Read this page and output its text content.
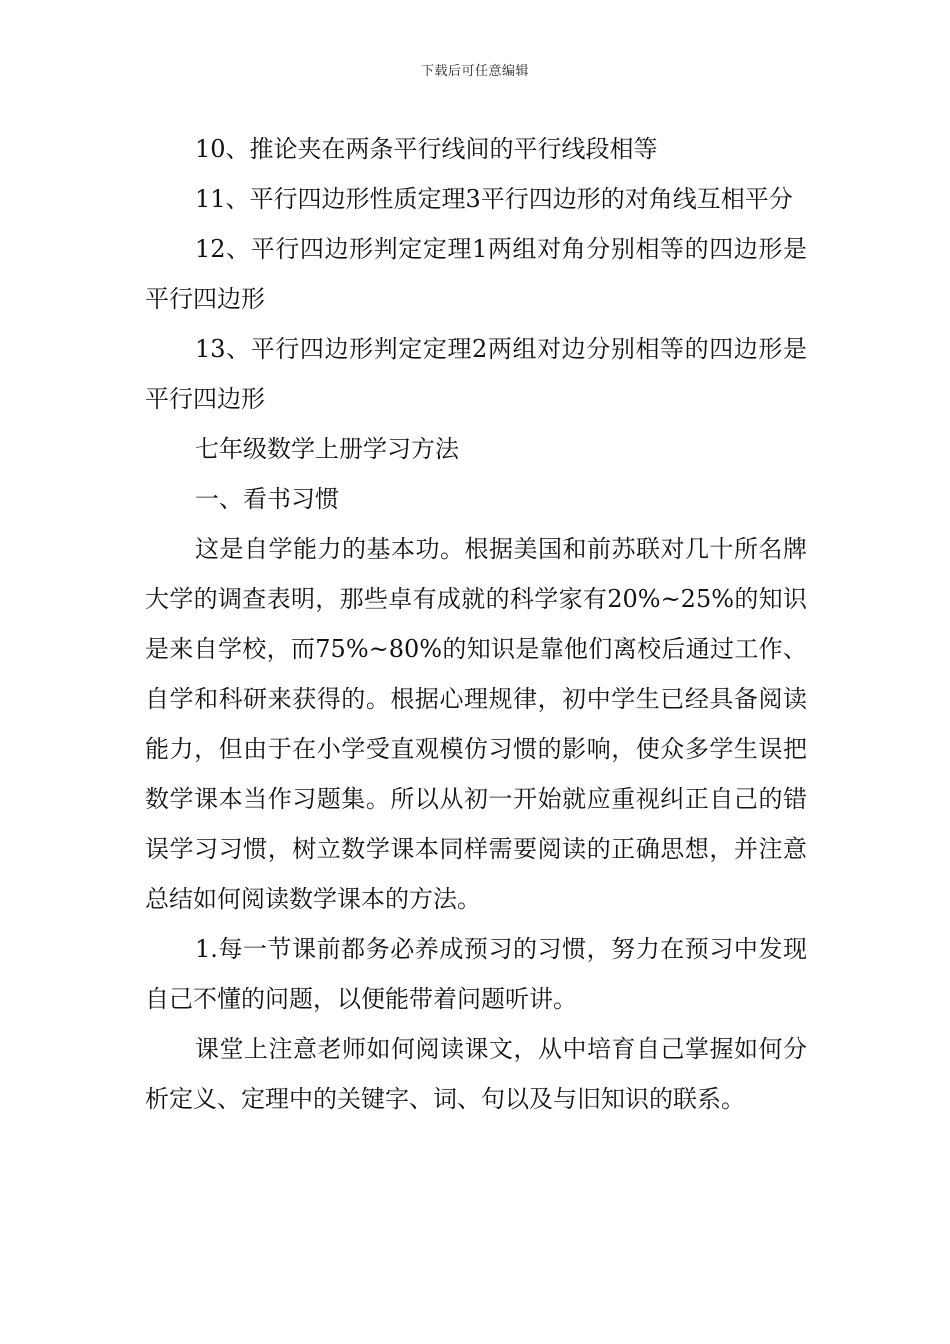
下载后可任意编辑

10、推论夹在两条平行线间的平行线段相等

11、平行四边形性质定理3平行四边形的对角线互相平分

12、平行四边形判定定理1两组对角分别相等的四边形是平行四边形

13、平行四边形判定定理2两组对边分别相等的四边形是平行四边形

七年级数学上册学习方法

一、看书习惯

这是自学能力的基本功。根据美国和前苏联对几十所名牌大学的调查表明，那些卓有成就的科学家有20%~25%的知识是来自学校，而75%~80%的知识是靠他们离校后通过工作、自学和科研来获得的。根据心理规律，初中学生已经具备阅读能力，但由于在小学受直观模仿习惯的影响，使众多学生误把数学课本当作习题集。所以从初一开始就应重视纠正自己的错误学习习惯，树立数学课本同样需要阅读的正确思想，并注意总结如何阅读数学课本的方法。

1.每一节课前都务必养成预习的习惯，努力在预习中发现自己不懂的问题，以便能带着问题听讲。

课堂上注意老师如何阅读课文，从中培育自己掌握如何分析定义、定理中的关键字、词、句以及与旧知识的联系。
